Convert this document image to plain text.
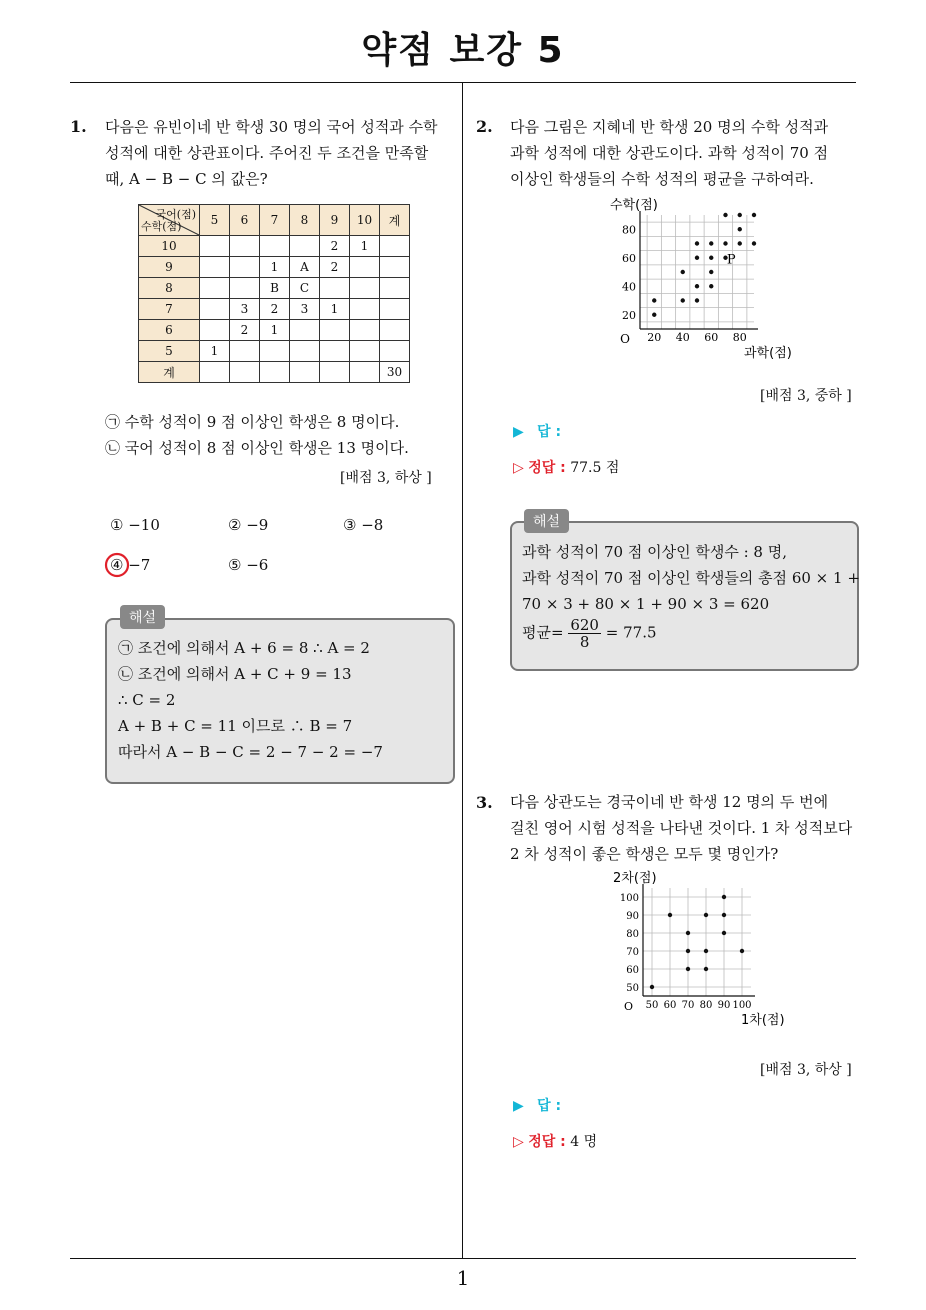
약점 보강 5
1
1. 다음은 유빈이네 반 학생 30 명의 국어 성적과 수학
성적에 대한 상관표이다. 주어진 두 조건을 만족할
때, A − B − C 의 값은?
국어(점)
수학(점)	5	6	7	8	9	10	계
10					2	1	
9			1	A	2		
8			B	C			
7		3	2	3	1		
6		2	1				
5	1						
계							30
㉠ 수학 성적이 9 점 이상인 학생은 8 명이다.
㉡ 국어 성적이 8 점 이상인 학생은 13 명이다.
[배점 3, 하상 ]
① −10	② −9	③ −8
④ −7	⑤ −6
해설
㉠ 조건에 의해서 A + 6 = 8 ∴ A = 2
㉡ 조건에 의해서 A + C + 9 = 13
∴ C = 2
A + B + C = 11 이므로 ∴ B = 7
따라서 A − B − C = 2 − 7 − 2 = −7
2. 다음 그림은 지혜네 반 학생 20 명의 수학 성적과
과학 성적에 대한 상관도이다. 과학 성적이 70 점
이상인 학생들의 수학 성적의 평균을 구하여라.
20 40 60 80
20
40
60
80
O
과학(점)
수학(점)
P
[배점 3, 중하 ]
▶ 답 :
▷ 정답 : 77.5 점
해설
과학 성적이 70 점 이상인 학생수 : 8 명,
과학 성적이 70 점 이상인 학생들의 총점 60 × 1 +
70 × 3 + 80 × 1 + 90 × 3 = 620
평균= $\frac{620}{8} = 77.5$
3. 다음 상관도는 경국이네 반 학생 12 명의 두 번에
걸친 영어 시험 성적을 나타낸 것이다. 1 차 성적보다
2 차 성적이 좋은 학생은 모두 몇 명인가?
50 60 70 80 90 100
50
60
70
80
90
100
O
1차(점)
2차(점)
[배점 3, 하상 ]
▶ 답 :
▷ 정답 : 4 명
